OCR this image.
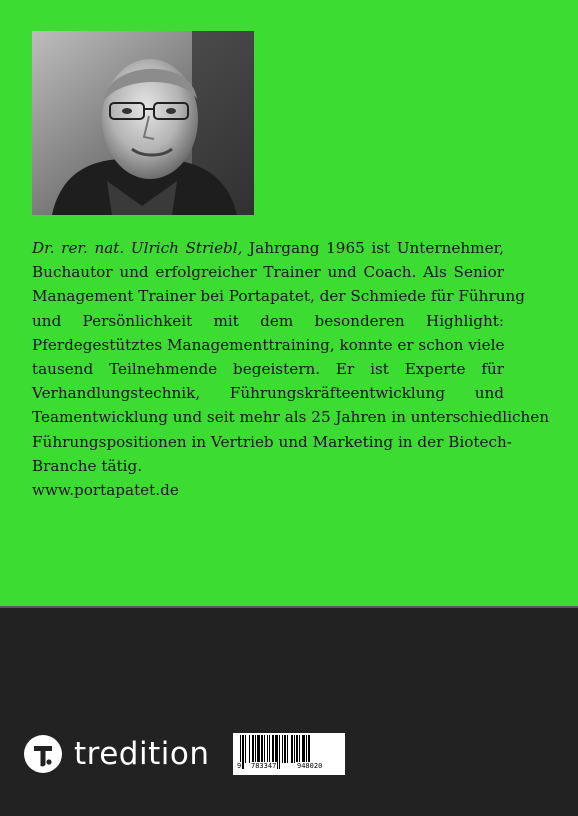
Dr. rer. nat. Ulrich Striebl, Jahrgang 1965 ist Unternehmer,
Buchautor und erfolgreicher Trainer und Coach. Als Senior
Management Trainer bei Portapatet, der Schmiede für Führung
und Persönlichkeit mit dem besonderen Highlight:
Pferdegestütztes Managementtraining, konnte er schon viele
tausend Teilnehmende begeistern. Er ist Experte für
Verhandlungstechnik, Führungskräfteentwicklung und
Teamentwicklung und seit mehr als 25 Jahren in unterschiedlichen
Führungspositionen in Vertrieb und Marketing in der Biotech-
Branche tätig.
www.portapatet.de
tredition	9 783347	948020
